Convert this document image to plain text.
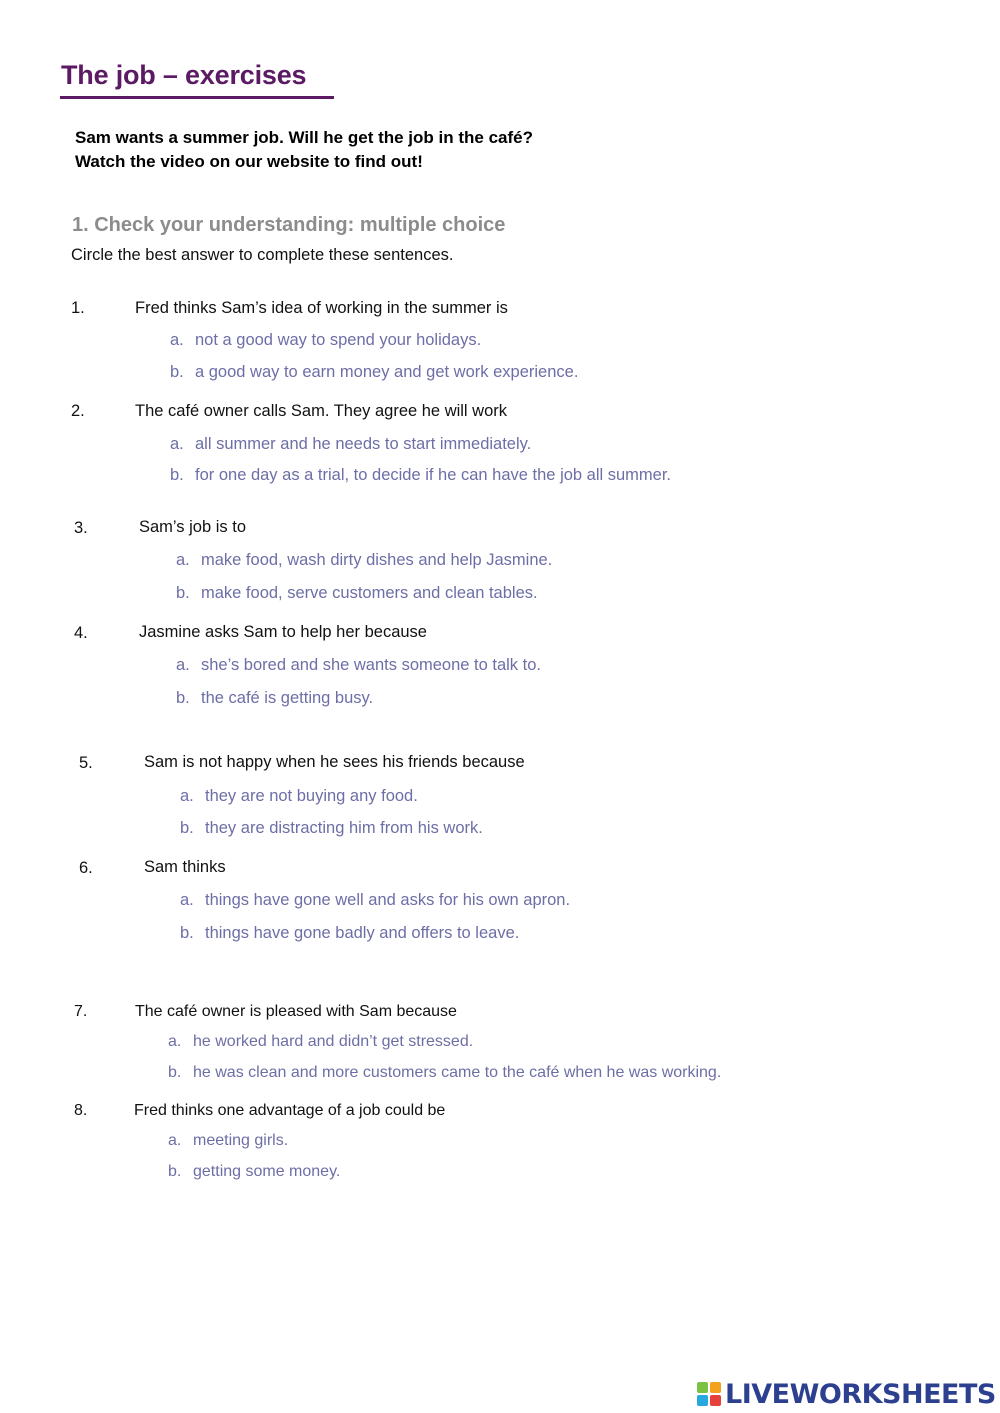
The job – exercises
Sam wants a summer job. Will he get the job in the café?
Watch the video on our website to find out!
1. Check your understanding: multiple choice
Circle the best answer to complete these sentences.
1.	Fred thinks Sam’s idea of working in the summer is
a. not a good way to spend your holidays.
b. a good way to earn money and get work experience.
2.	The café owner calls Sam. They agree he will work
a. all summer and he needs to start immediately.
b. for one day as a trial, to decide if he can have the job all summer.
3.	Sam’s job is to
a. make food, wash dirty dishes and help Jasmine.
b. make food, serve customers and clean tables.
4.	Jasmine asks Sam to help her because
a. she’s bored and she wants someone to talk to.
b. the café is getting busy.
5.	Sam is not happy when he sees his friends because
a. they are not buying any food.
b. they are distracting him from his work.
6.	Sam thinks
a. things have gone well and asks for his own apron.
b. things have gone badly and offers to leave.
7.	The café owner is pleased with Sam because
a. he worked hard and didn’t get stressed.
b. he was clean and more customers came to the café when he was working.
8.	Fred thinks one advantage of a job could be
a. meeting girls.
b. getting some money.
LIVEWORKSHEETS
